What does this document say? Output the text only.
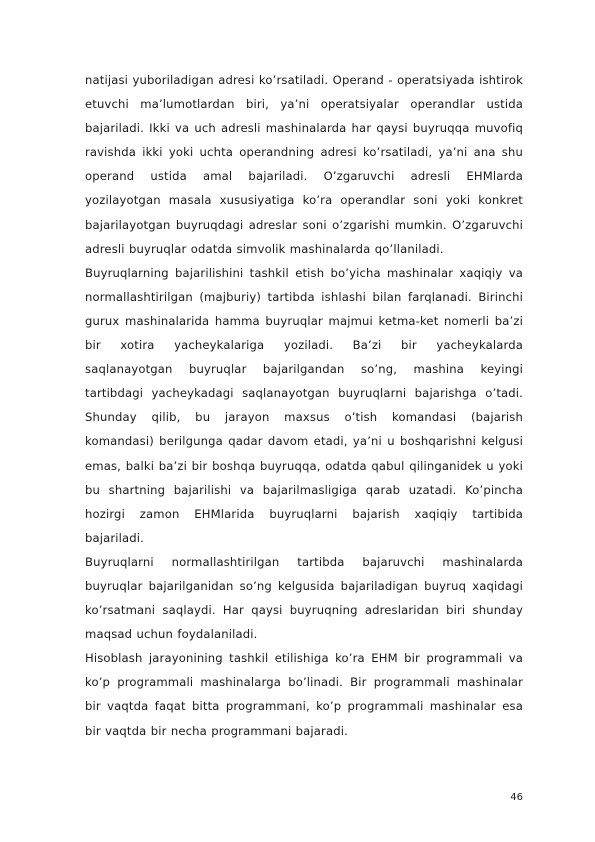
natijasi yuboriladigan adresi ko’rsatiladi. Operand - operatsiyada ishtirok etuvchi ma’lumotlardan biri, ya’ni operatsiyalar operandlar ustida bajariladi. Ikki va uch adresli mashinalarda har qaysi buyruqqa muvofiq ravishda ikki yoki uchta operandning adresi ko’rsatiladi, ya’ni ana shu operand ustida amal bajariladi. O’zgaruvchi adresli EHMlarda yozilayotgan masala xususiyatiga ko’ra operandlar soni yoki konkret bajarilayotgan buyruqdagi adreslar soni o’zgarishi mumkin. O’zgaruvchi adresli buyruqlar odatda simvolik mashinalarda qo’llaniladi.

Buyruqlarning bajarilishini tashkil etish bo’yicha mashinalar xaqiqiy va normallashtirilgan (majburiy) tartibda ishlashi bilan farqlanadi. Birinchi gurux mashinalarida hamma buyruqlar majmui ketma-ket nomerli ba’zi bir xotira yacheykalariga yoziladi. Ba’zi bir yacheykalarda saqlanayotgan buyruqlar bajarilgandan so’ng, mashina keyingi tartibdagi yacheykadagi saqlanayotgan buyruqlarni bajarishga o’tadi. Shunday qilib, bu jarayon maxsus o’tish komandasi (bajarish komandasi) berilgunga qadar davom etadi, ya’ni u boshqarishni kelgusi emas, balki ba’zi bir boshqa buyruqqa, odatda qabul qilinganidek u yoki bu shartning bajarilishi va bajarilmasligiga qarab uzatadi. Ko’pincha hozirgi zamon EHMlarida buyruqlarni bajarish xaqiqiy tartibida bajariladi.

Buyruqlarni normallashtirilgan tartibda bajaruvchi mashinalarda buyruqlar bajarilganidan so’ng kelgusida bajariladigan buyruq xaqidagi ko’rsatmani saqlaydi. Har qaysi buyruqning adreslaridan biri shunday maqsad uchun foydalaniladi.

Hisoblash jarayonining tashkil etilishiga ko’ra EHM bir programmali va ko’p programmali mashinalarga bo’linadi. Bir programmali mashinalar bir vaqtda faqat bitta programmani, ko’p programmali mashinalar esa bir vaqtda bir necha programmani bajaradi.

46
